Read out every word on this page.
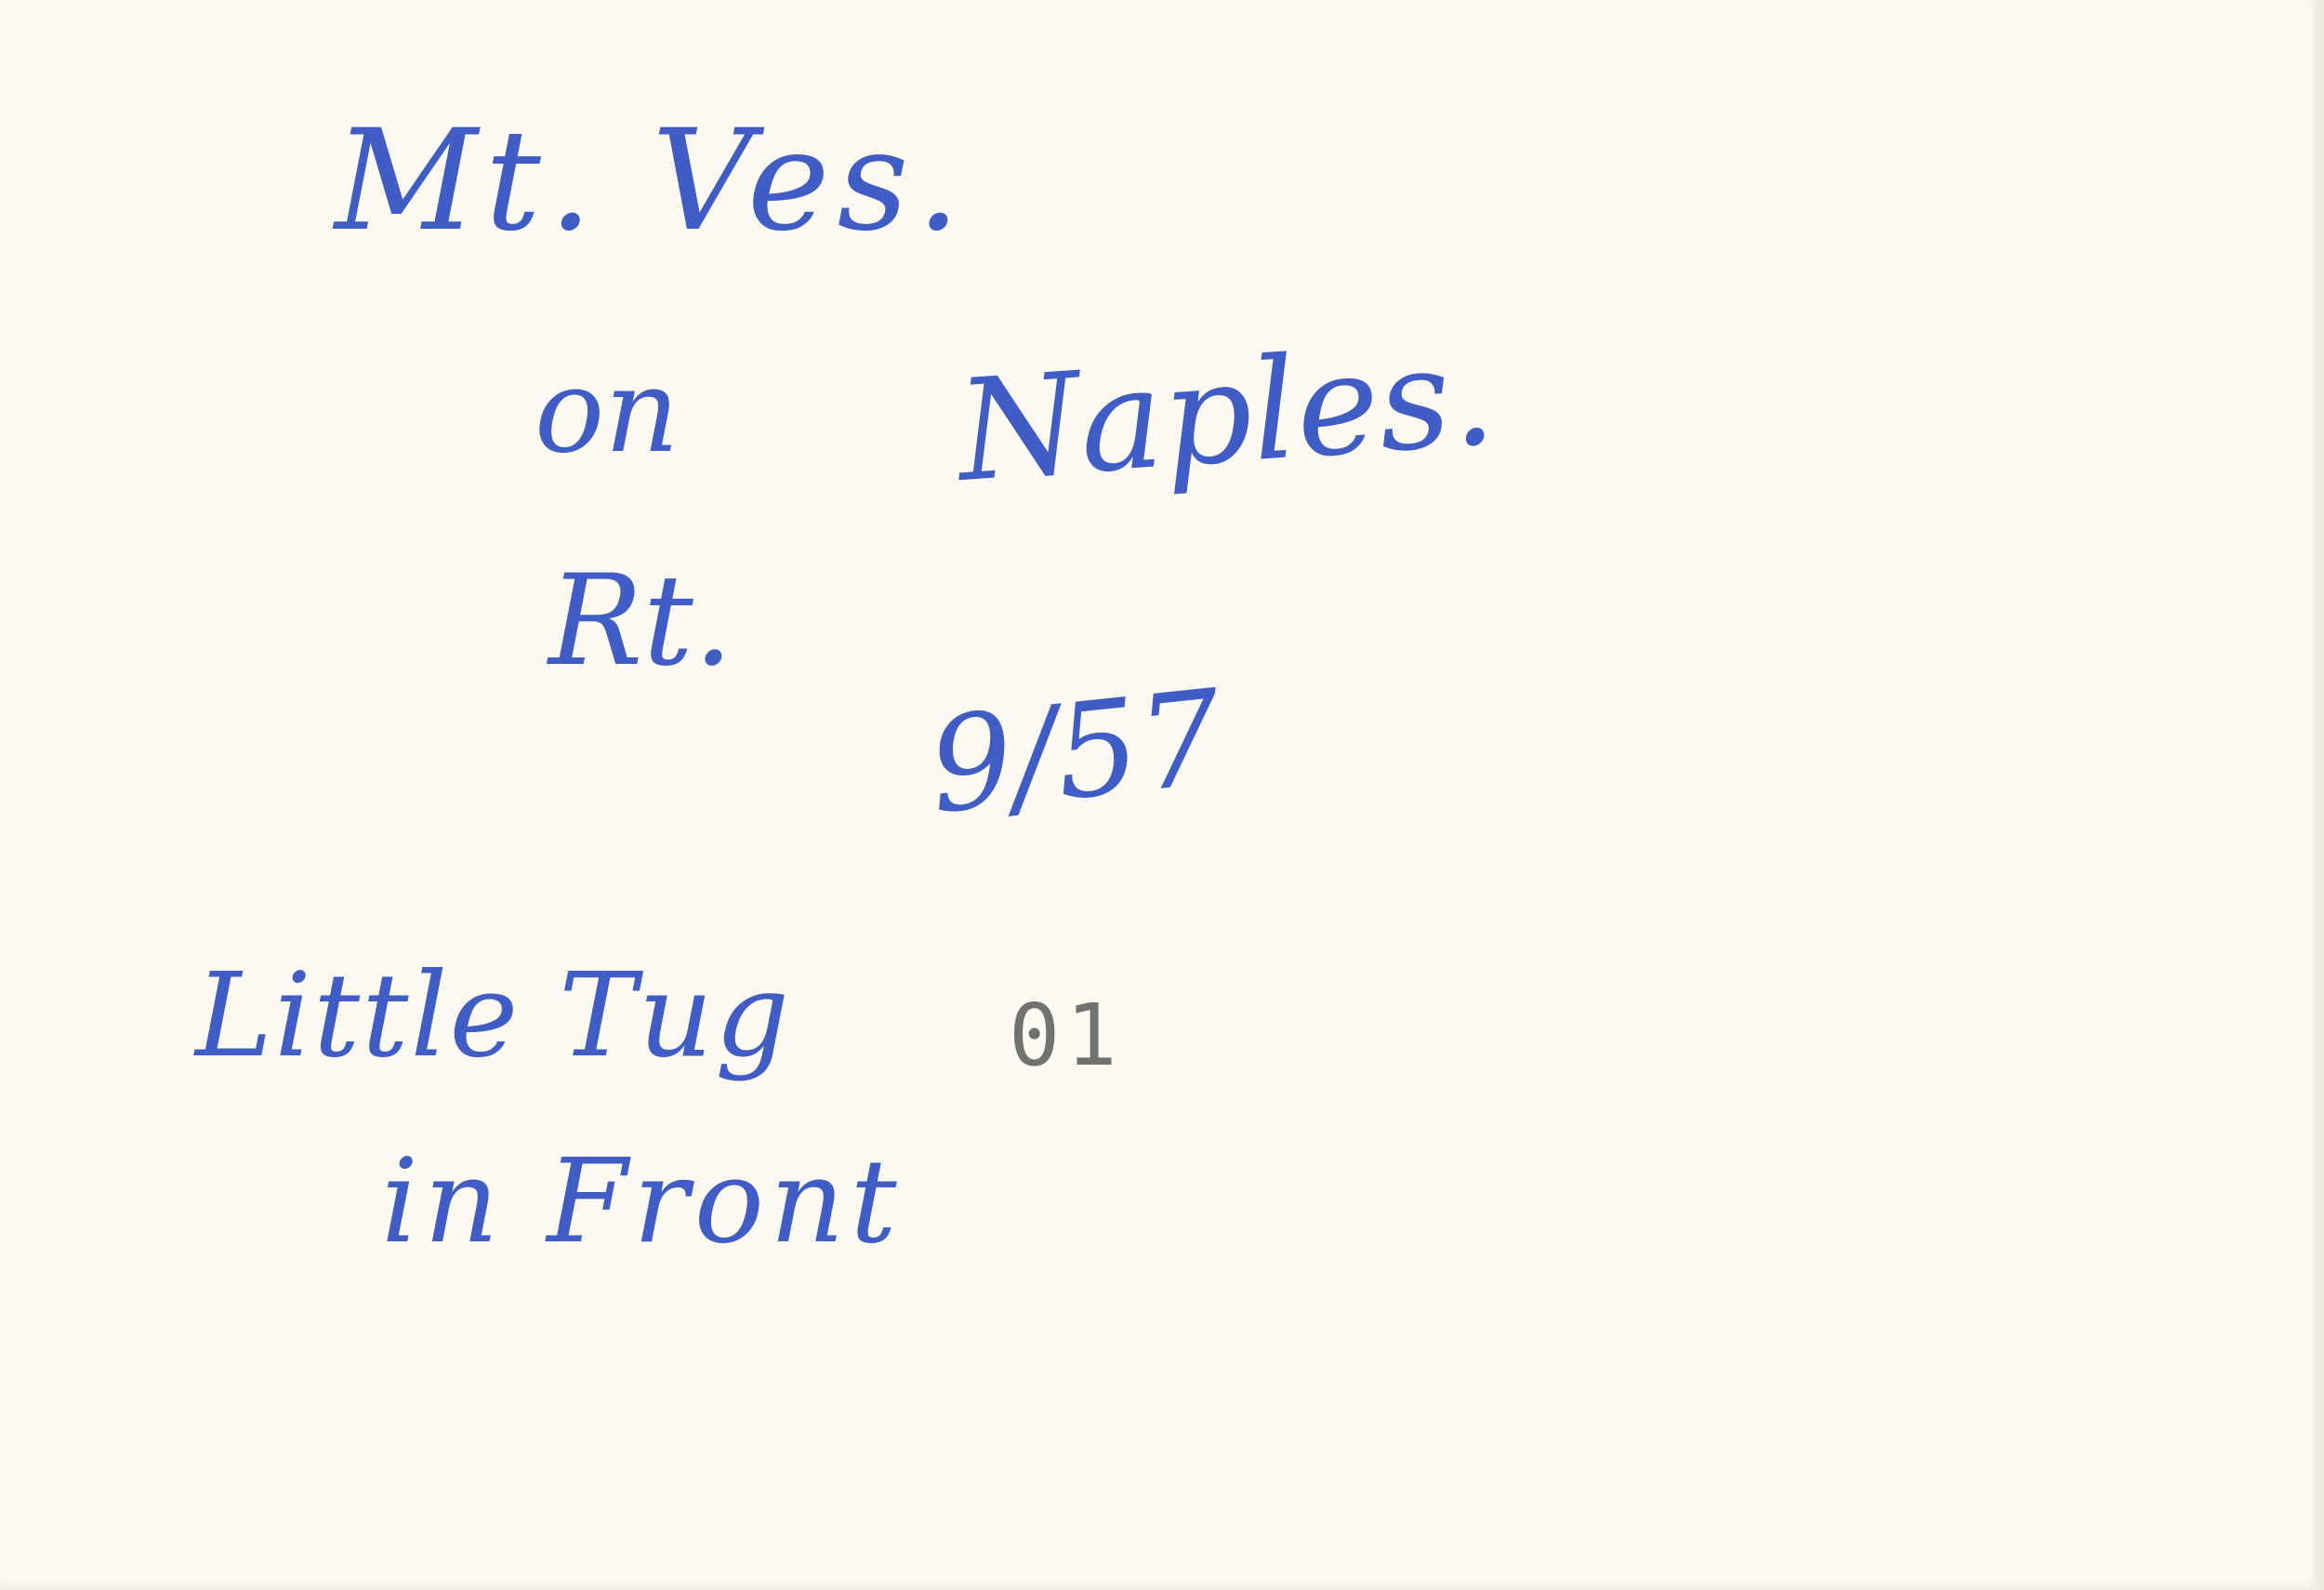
Mt. Ves.
on Naples.
Rt.
9/57
Little Tug
in Front
01
